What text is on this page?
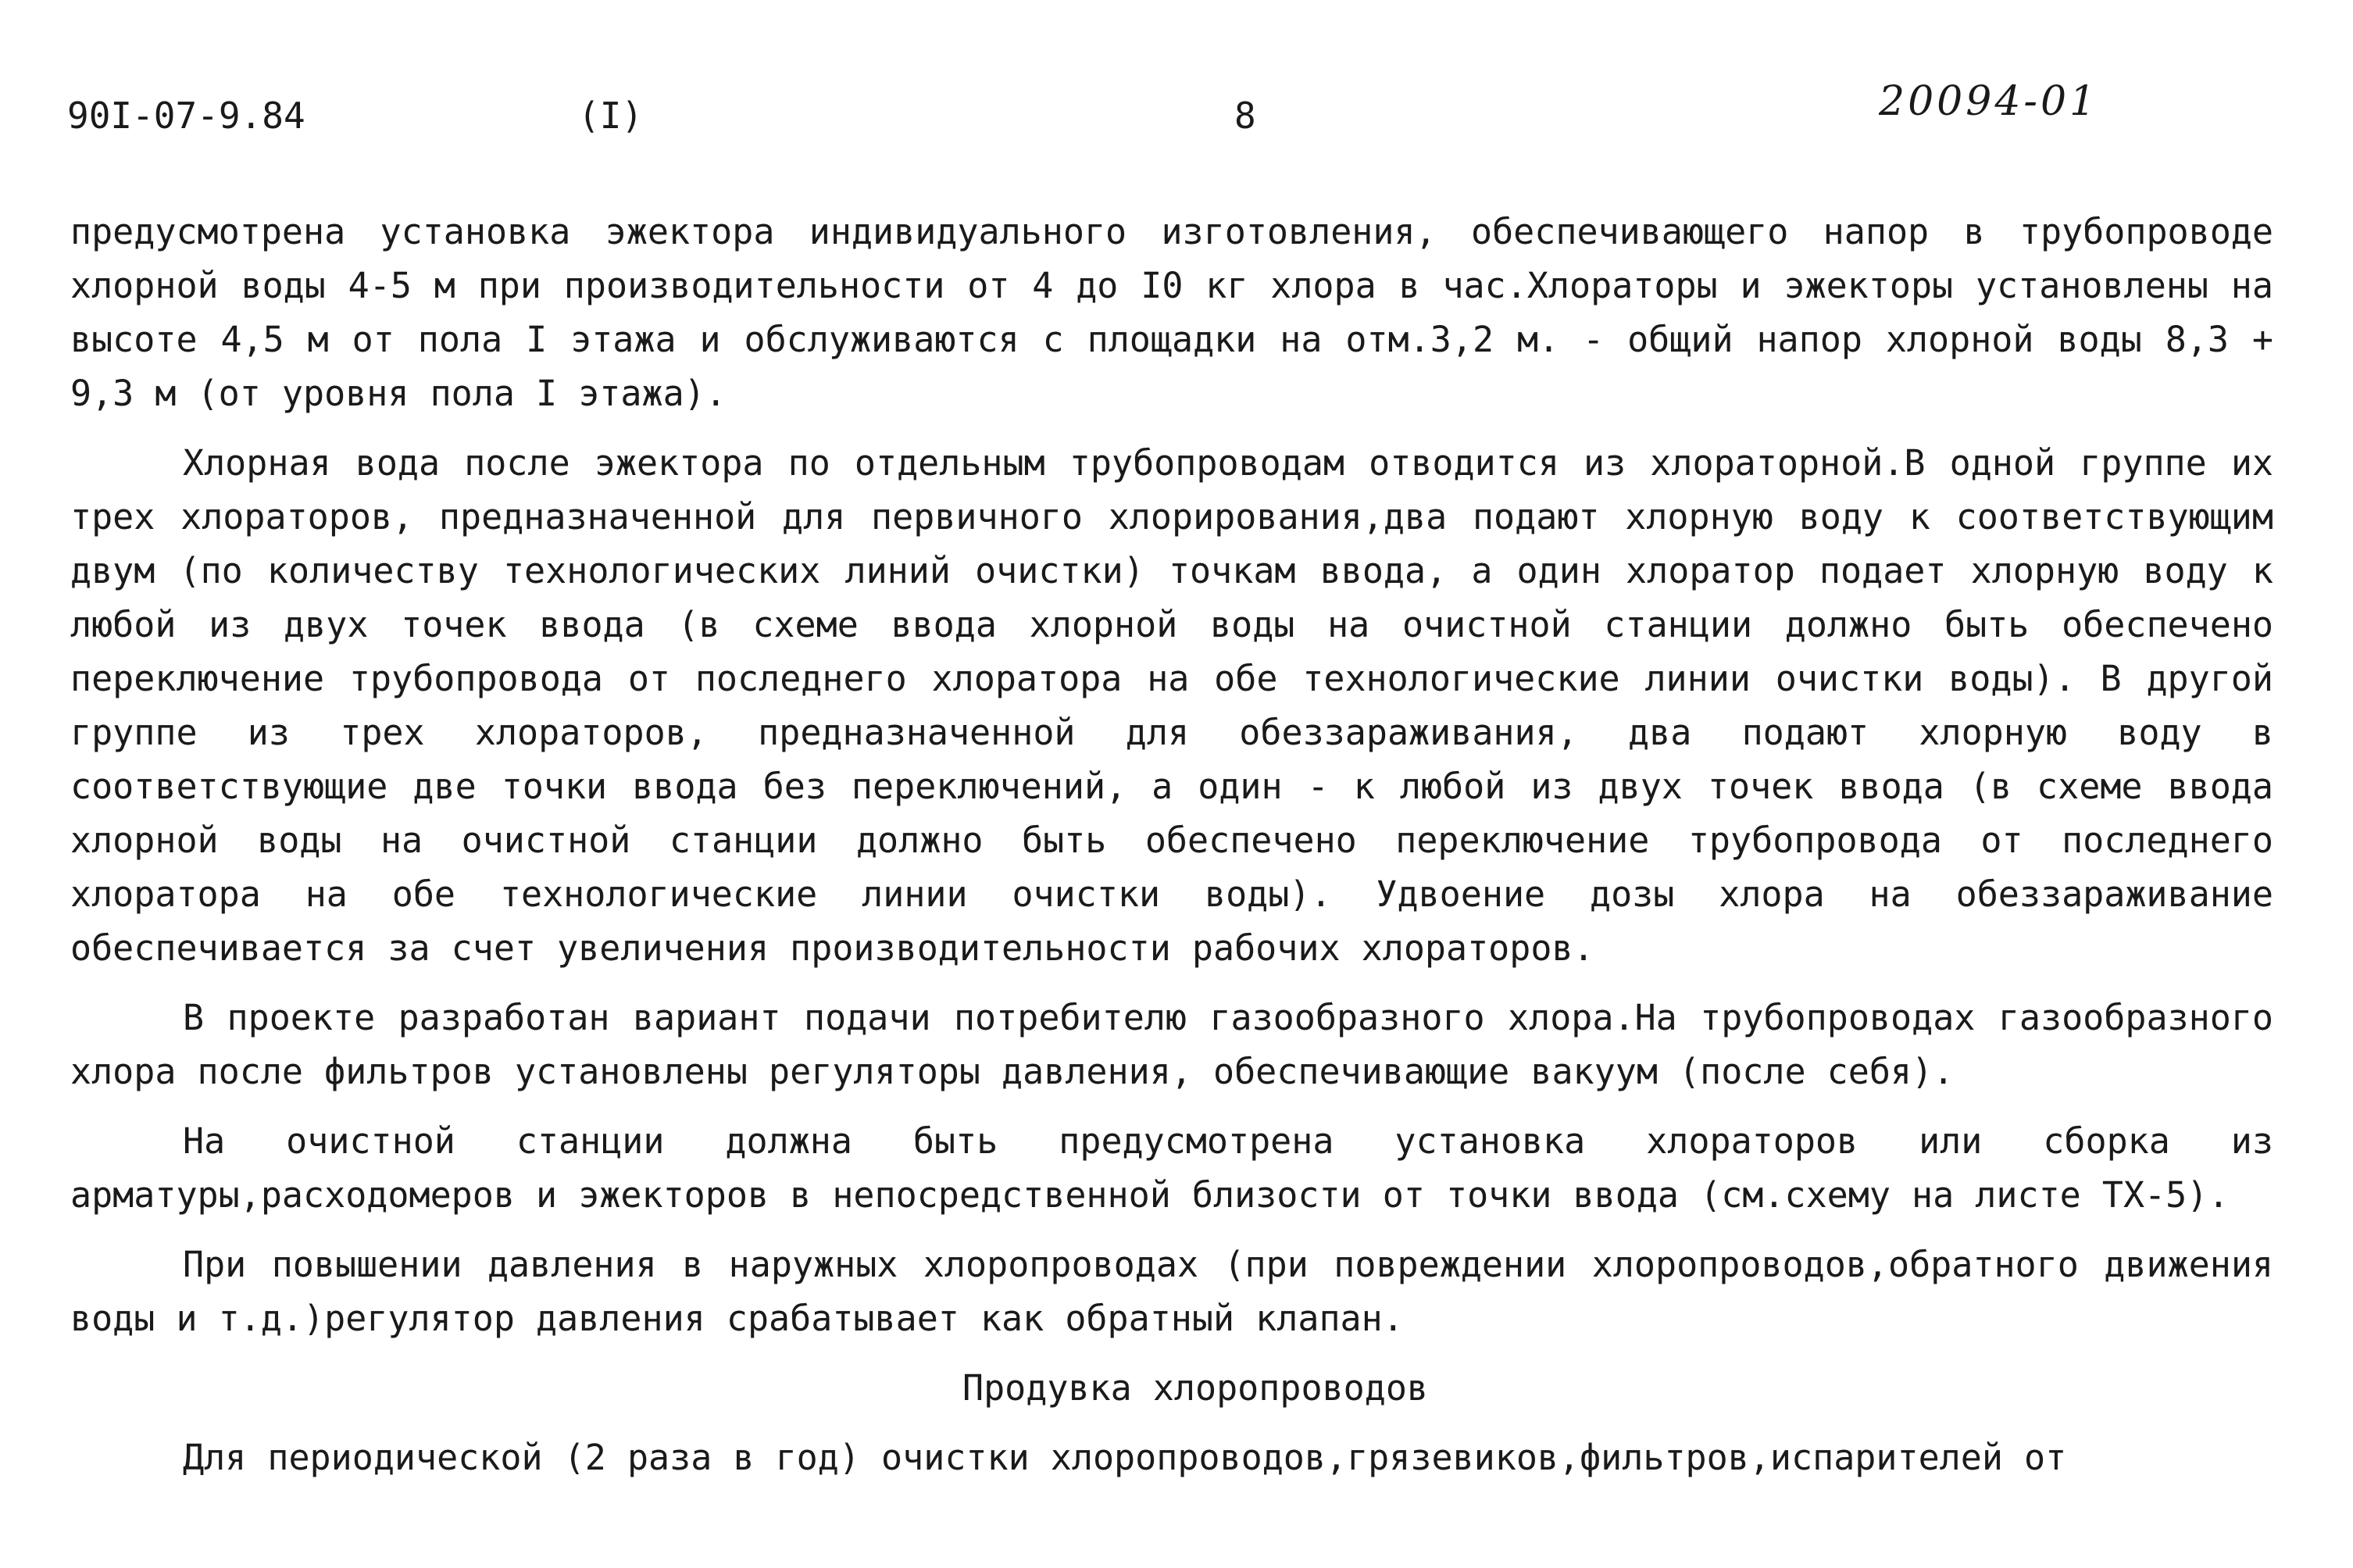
90I-07-9.84	(I)	8	20094-01

предусмотрена установка эжектора индивидуального изготовления, обеспечивающего напор в трубопроводе хлорной воды 4-5 м при производительности от 4 до I0 кг хлора в час.Хлораторы и эжекторы установлены на высоте 4,5 м от пола I этажа и обслуживаются с площадки на отм.3,2 м. - общий напор хлорной воды 8,3 + 9,3 м (от уровня пола I этажа).

Хлорная вода после эжектора по отдельным трубопроводам отводится из хлораторной.В одной группе их трех хлораторов, предназначенной для первичного хлорирования,два подают хлорную воду к соответствующим двум (по количеству технологических линий очистки) точкам ввода, а один хлоратор подает хлорную воду к любой из двух точек ввода (в схеме ввода хлорной воды на очистной станции должно быть обеспечено переключение трубопровода от последнего хлоратора на обе технологические линии очистки воды). В другой группе из трех хлораторов, предназначенной для обеззараживания, два подают хлорную воду в соответствующие две точки ввода без переключений, а один - к любой из двух точек ввода (в схеме ввода хлорной воды на очистной станции должно быть обеспечено переключение трубопровода от последнего хлоратора на обе технологические линии очистки воды). Удвоение дозы хлора на обеззараживание обеспечивается за счет увеличения производительности рабочих хлораторов.

В проекте разработан вариант подачи потребителю газообразного хлора.На трубопроводах газообразного хлора после фильтров установлены регуляторы давления, обеспечивающие вакуум (после себя).

На очистной станции должна быть предусмотрена установка хлораторов или сборка из арматуры,расходомеров и эжекторов в непосредственной близости от точки ввода (см.схему на листе ТХ-5).

При повышении давления в наружных хлоропроводах (при повреждении хлоропроводов,обратного движения воды и т.д.)регулятор давления срабатывает как обратный клапан.

Продувка хлоропроводов

Для периодической (2 раза в год) очистки хлоропроводов,грязевиков,фильтров,испарителей от
